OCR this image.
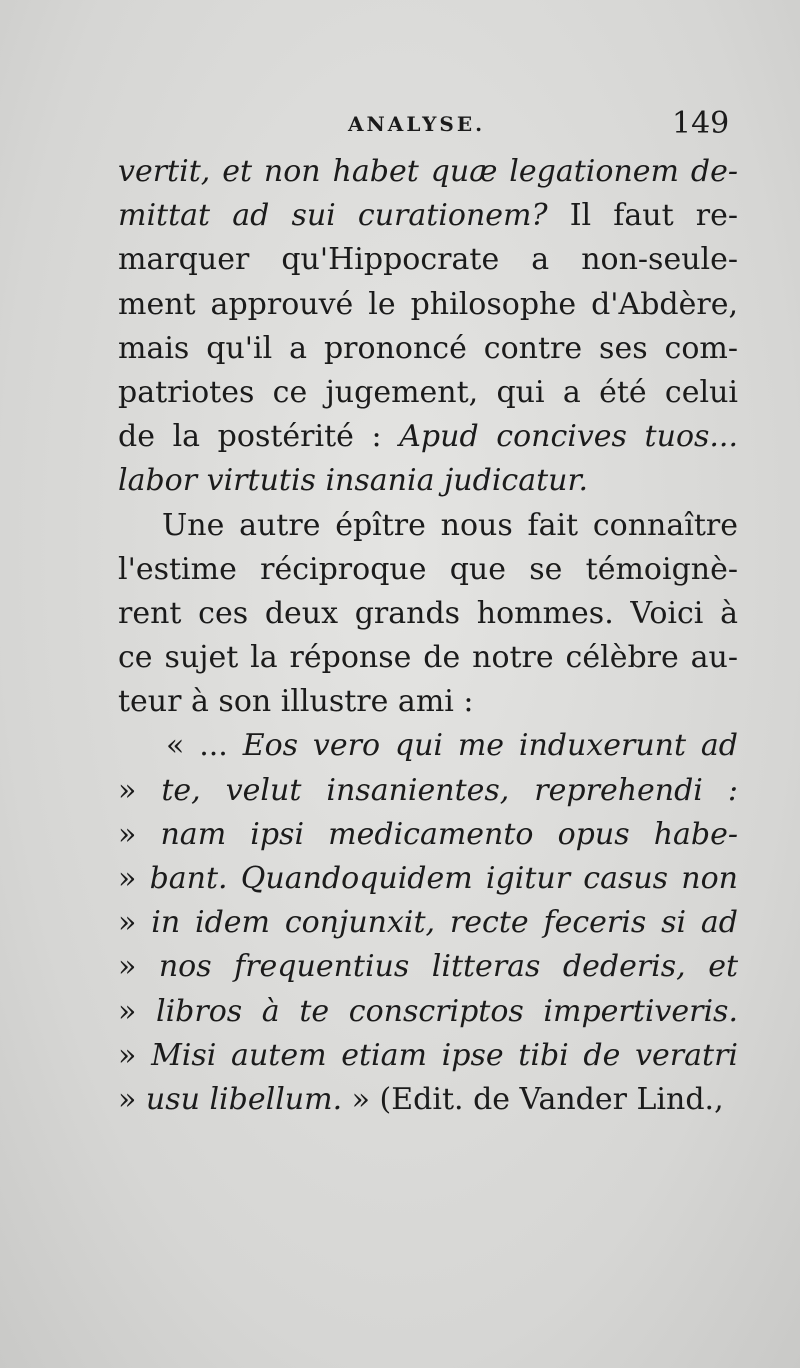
ANALYSE.	149
vertit, et non habet quæ legationem de-
mittat ad sui curationem? Il faut re-
marquer qu'Hippocrate a non-seule-
ment approuvé le philosophe d'Abdère,
mais qu'il a prononcé contre ses com-
patriotes ce jugement, qui a été celui
de la postérité : Apud concives tuos...
labor virtutis insania judicatur.
Une autre épître nous fait connaître
l'estime réciproque que se témoignè-
rent ces deux grands hommes. Voici à
ce sujet la réponse de notre célèbre au-
teur à son illustre ami :
« ... Eos vero qui me induxerunt ad
» te, velut insanientes, reprehendi :
» nam ipsi medicamento opus habe-
» bant. Quandoquidem igitur casus non
» in idem conjunxit, recte feceris si ad
» nos frequentius litteras dederis, et
» libros à te conscriptos impertiveris.
» Misi autem etiam ipse tibi de veratri
» usu libellum. » (Edit. de Vander Lind.,
